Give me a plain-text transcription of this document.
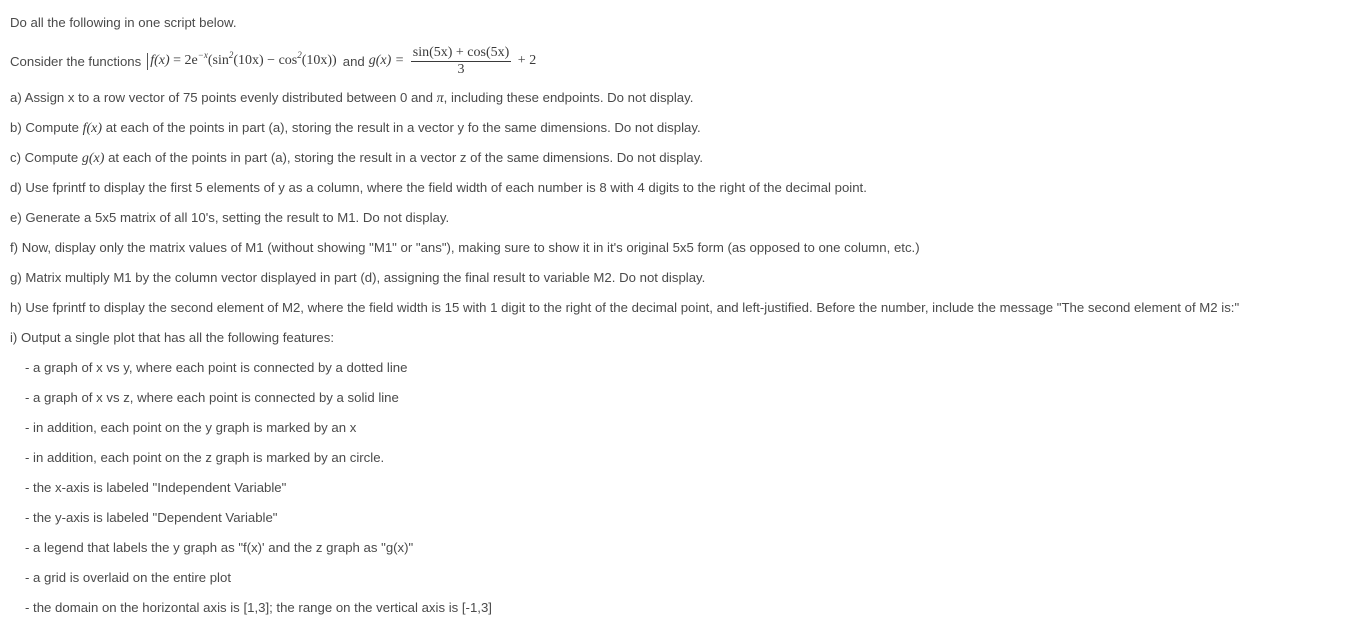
Do all the following in one script below.
Consider the functions $f(x) = 2e^{-x}(\sin^2(10x) - \cos^2(10x))$ and $g(x) = \frac{\sin(5x) + \cos(5x)}{3} + 2$
a) Assign x to a row vector of 75 points evenly distributed between 0 and π, including these endpoints. Do not display.
b) Compute f(x) at each of the points in part (a), storing the result in a vector y fo the same dimensions. Do not display.
c) Compute g(x) at each of the points in part (a), storing the result in a vector z of the same dimensions. Do not display.
d) Use fprintf to display the first 5 elements of y as a column, where the field width of each number is 8 with 4 digits to the right of the decimal point.
e) Generate a 5x5 matrix of all 10's, setting the result to M1. Do not display.
f) Now, display only the matrix values of M1 (without showing "M1" or "ans"), making sure to show it in it's original 5x5 form (as opposed to one column, etc.)
g) Matrix multiply M1 by the column vector displayed in part (d), assigning the final result to variable M2. Do not display.
h) Use fprintf to display the second element of M2, where the field width is 15 with 1 digit to the right of the decimal point, and left-justified. Before the number, include the message "The second element of M2 is:"
i) Output a single plot that has all the following features:
- a graph of x vs y, where each point is connected by a dotted line
- a graph of x vs z, where each point is connected by a solid line
- in addition, each point on the y graph is marked by an x
- in addition, each point on the z graph is marked by an circle.
- the x-axis is labeled "Independent Variable"
- the y-axis is labeled "Dependent Variable"
- a legend that labels the y graph as "f(x)' and the z graph as "g(x)"
- a grid is overlaid on the entire plot
- the domain on the horizontal axis is [1,3]; the range on the vertical axis is [-1,3]
